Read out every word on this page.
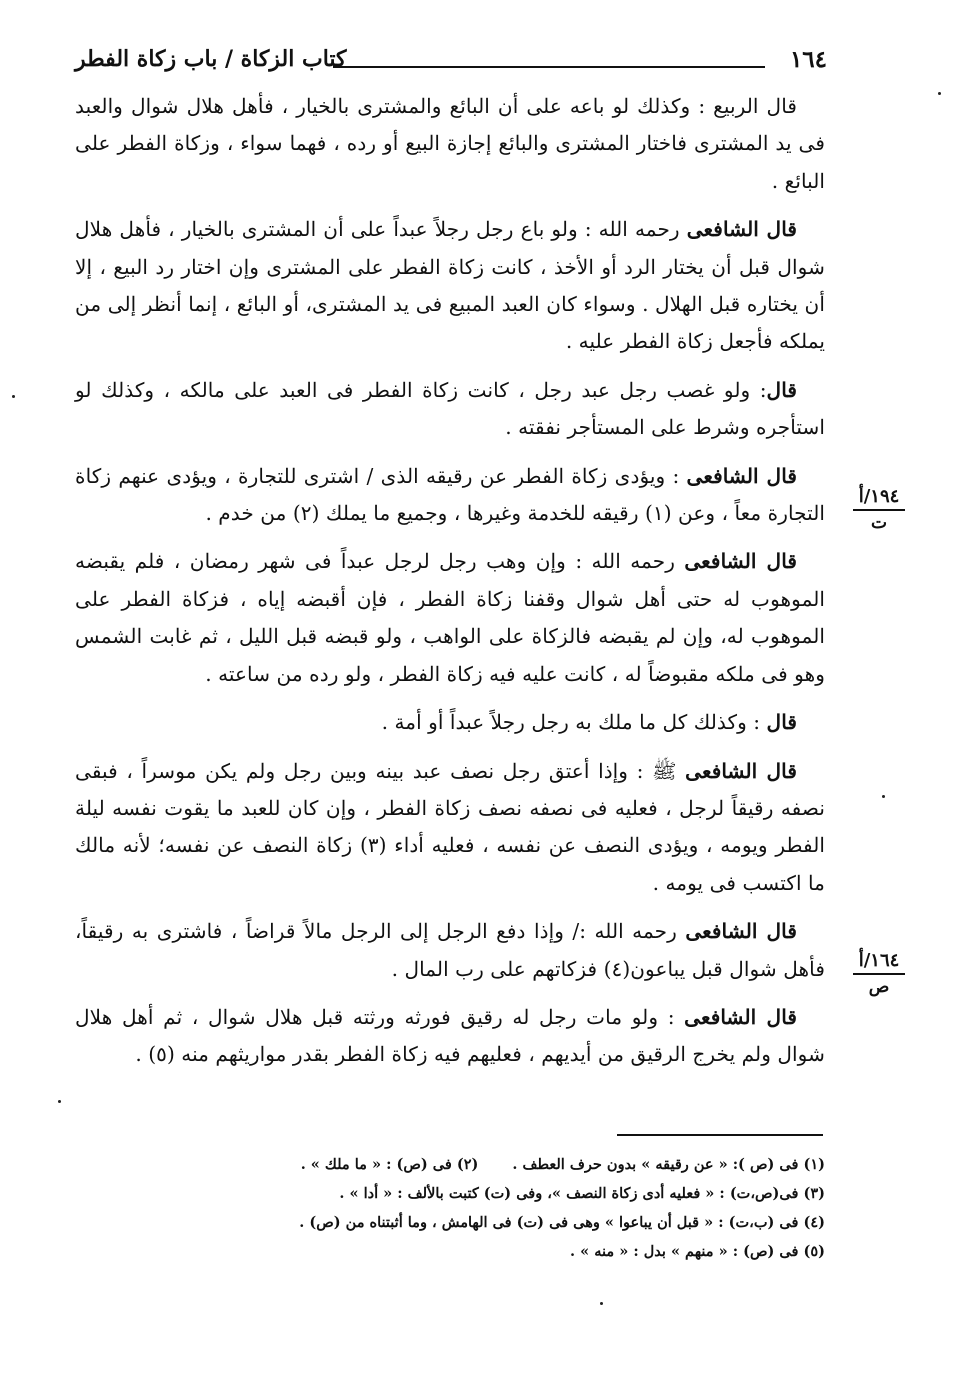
١٦٤
كتاب الزكاة / باب زكاة الفطر

قال الربيع : وكذلك لو باعه على أن البائع والمشترى بالخيار ، فأهل هلال شوال والعبد فى يد المشترى فاختار المشترى والبائع إجازة البيع أو رده ، فهما سواء ، وزكاة الفطر على البائع .

قال الشافعى رحمه الله : ولو باع رجل رجلاً عبداً على أن المشترى بالخيار ، فأهل هلال شوال قبل أن يختار الرد أو الأخذ ، كانت زكاة الفطر على المشترى وإن اختار رد البيع ، إلا أن يختاره قبل الهلال . وسواء كان العبد المبيع فى يد المشترى، أو البائع ، إنما أنظر إلى من يملكه فأجعل زكاة الفطر عليه .

قال: ولو غصب رجل عبد رجل ، كانت زكاة الفطر فى العبد على مالكه ، وكذلك لو استأجره وشرط على المستأجر نفقته .

قال الشافعى : ويؤدى زكاة الفطر عن رقيقه الذى / اشترى للتجارة ، ويؤدى عنهم زكاة التجارة معاً ، وعن (١) رقيقه للخدمة وغيرها ، وجميع ما يملك (٢) من خدم .

قال الشافعى رحمه الله : وإن وهب رجل لرجل عبداً فى شهر رمضان ، فلم يقبضه الموهوب له حتى أهل شوال وقفنا زكاة الفطر ، فإن أقبضه إياه ، فزكاة الفطر على الموهوب له، وإن لم يقبضه فالزكاة على الواهب ، ولو قبضه قبل الليل ، ثم غابت الشمس وهو فى ملكه مقبوضاً له ، كانت عليه فيه زكاة الفطر ، ولو رده من ساعته .

قال : وكذلك كل ما ملك به رجل رجلاً عبداً أو أمة .

قال الشافعى ﷺ : وإذا أعتق رجل نصف عبد بينه وبين رجل ولم يكن موسراً ، فبقى نصفه رقيقاً لرجل ، فعليه فى نصفه نصف زكاة الفطر ، وإن كان للعبد ما يقوت نفسه ليلة الفطر ويومه ، ويؤدى النصف عن نفسه ، فعليه أداء (٣) زكاة النصف عن نفسه؛ لأنه مالك ما اكتسب فى يومه .

قال الشافعى رحمه الله :/ وإذا دفع الرجل إلى الرجل مالاً قراضاً ، فاشترى به رقيقاً، فأهل شوال قبل يباعون(٤) فزكاتهم على رب المال .

قال الشافعى : ولو مات رجل له رقيق فورثه ورثته قبل هلال شوال ، ثم أهل هلال شوال ولم يخرج الرقيق من أيديهم ، فعليهم فيه زكاة الفطر بقدر مواريثهم منه (٥) .

١٩٤/أ
ت
١٦٤/أ
ص

(١) فى (ص ): « عن رقيقه » بدون حرف العطف .(٢) فى (ص) : « ما ملك » .

(٣) فى(ص،ت) : « فعليه أدى زكاة النصف »، وفى (ت) كتبت بالألف : « أدا » .

(٤) فى (ب،ت) : « قبل أن يباعوا » وهى فى (ت) فى الهامش ، وما أثبتناه من (ص) .

(٥) فى (ص) : « منهم » بدل : « منه » .
